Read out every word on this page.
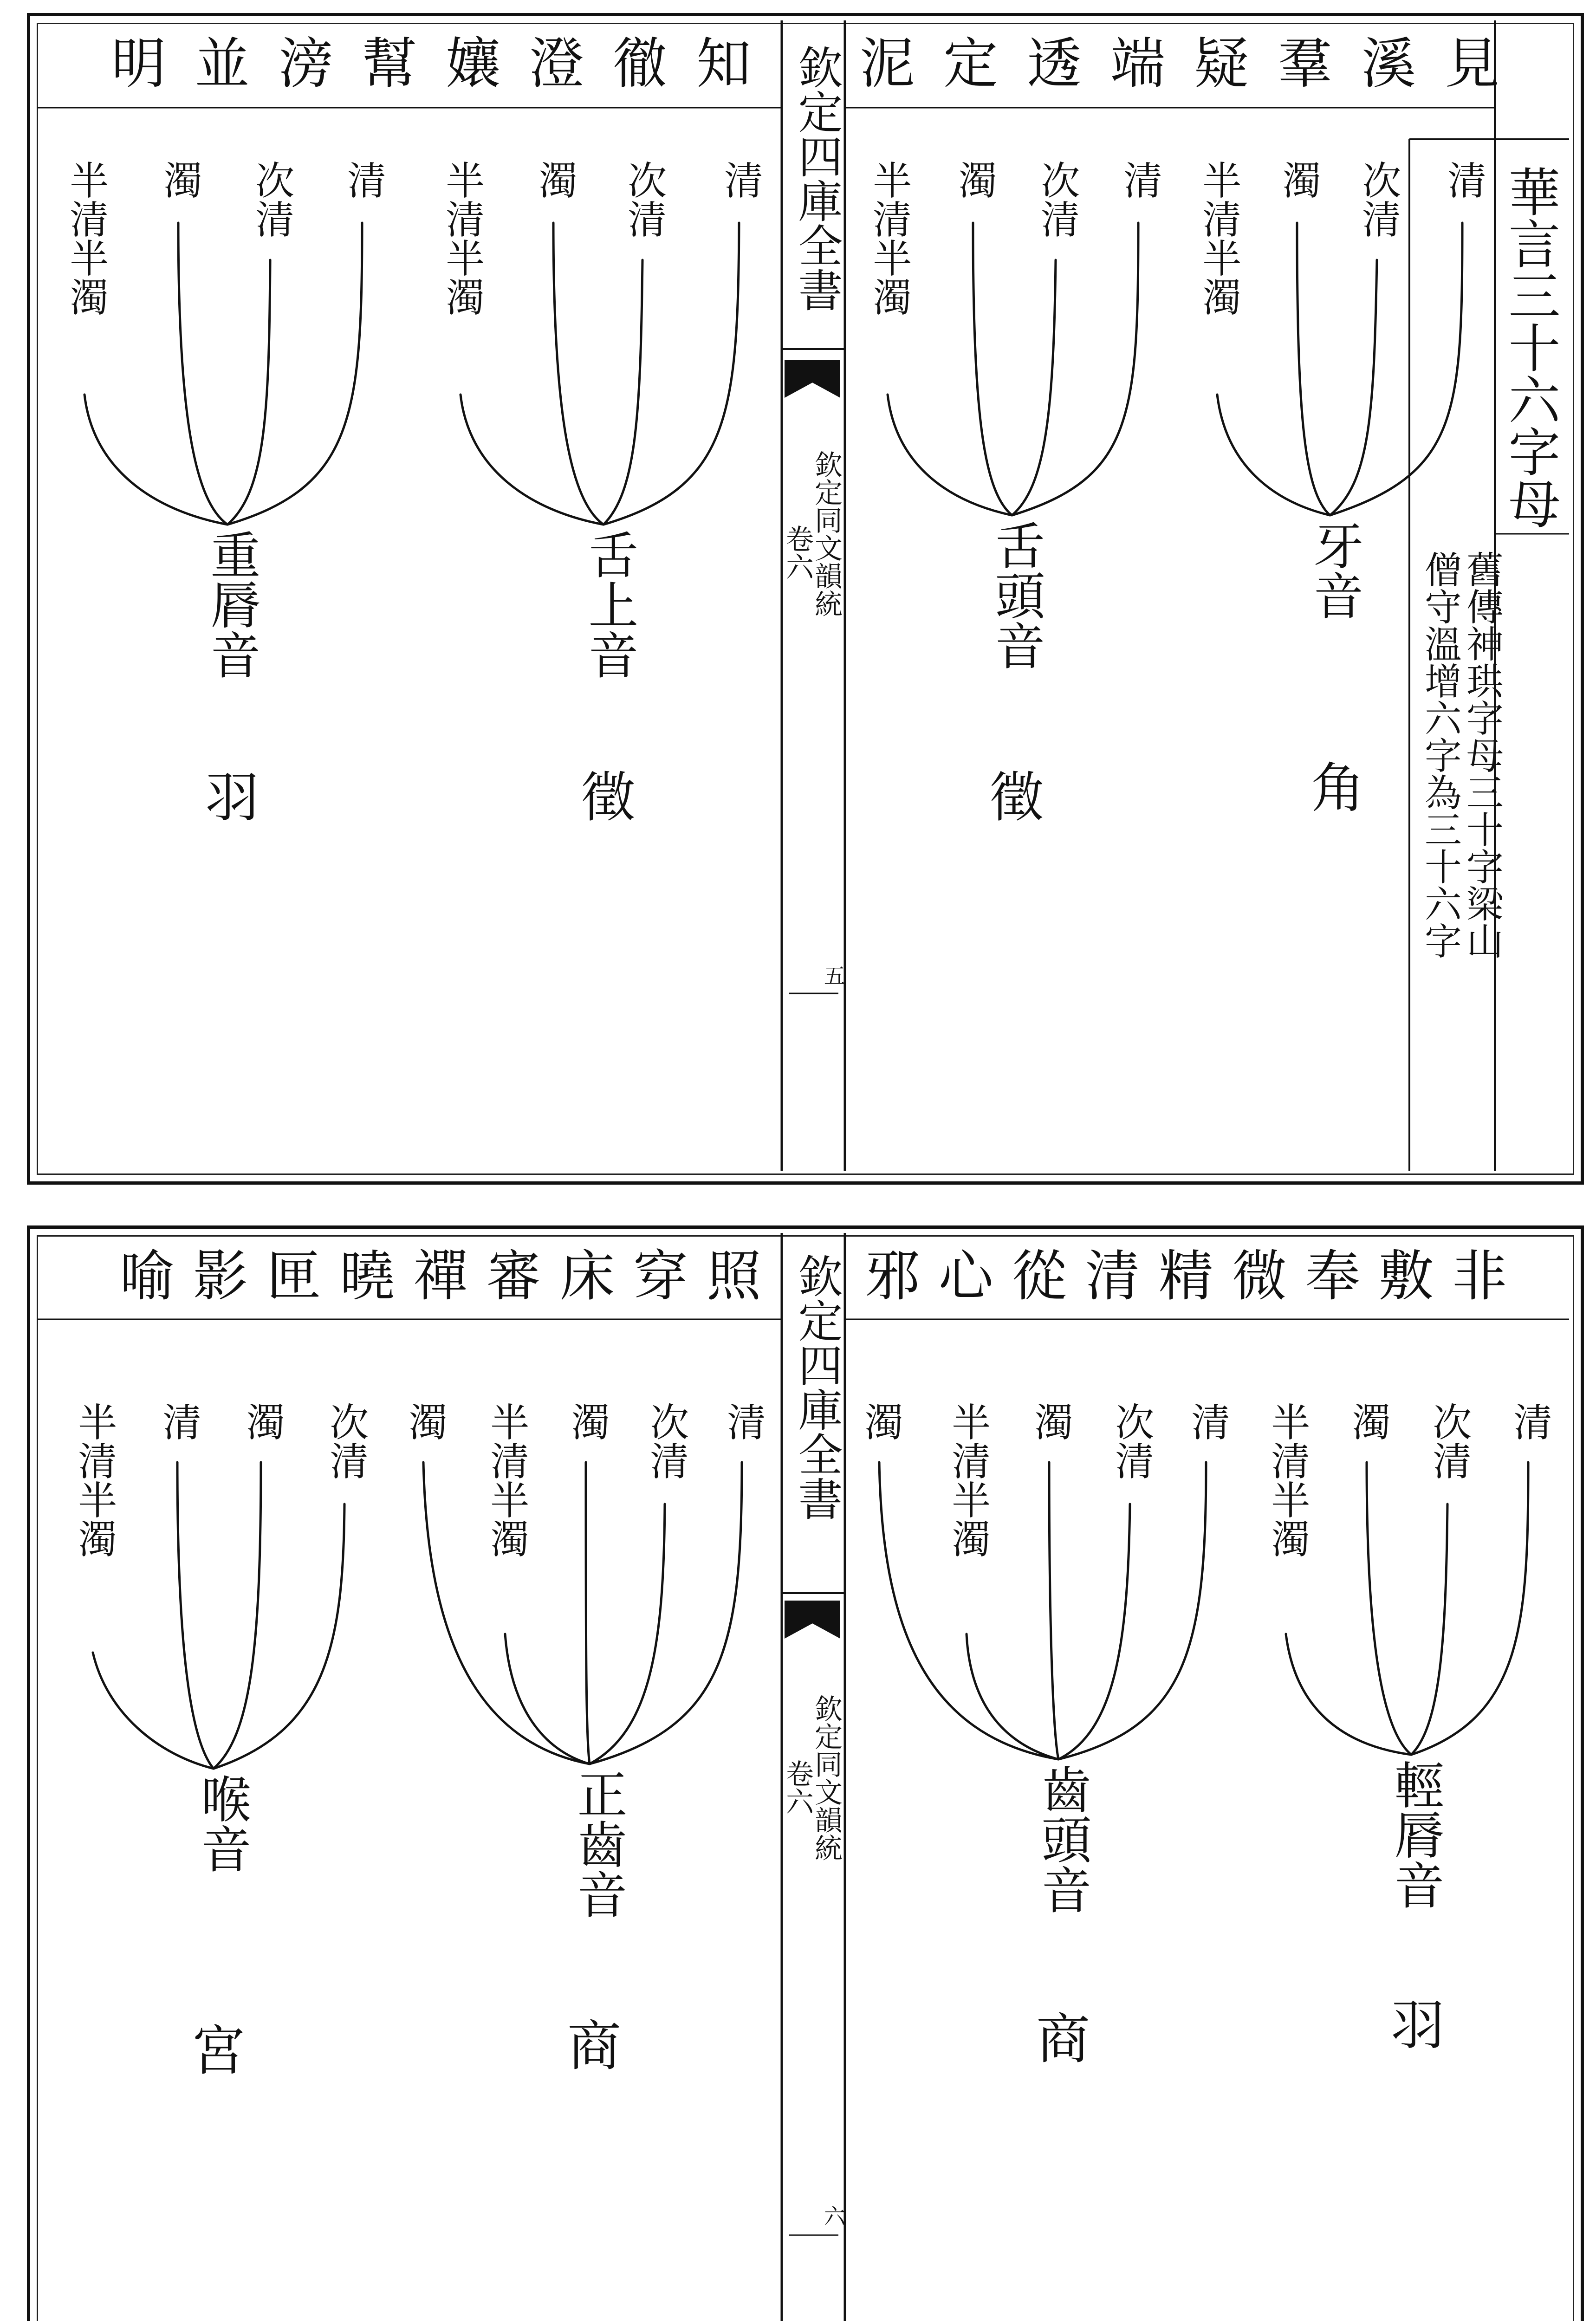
泥定透端疑羣溪見
明並滂幫孃澄徹知
華言三十六字母
舊傳神珙字母三十字梁山
僧守溫增六字為三十六字
欽定四庫全書
欽定同文韻統
卷六
五
清
次清
濁
半清半濁
牙音
角
清
次清
濁
半清半濁
舌頭音
徵
清
次清
濁
半清半濁
舌上音
徵
清
次清
濁
半清半濁
重脣音
羽
邪心從清精微奉敷非
喻影匣曉禪審床穿照 欽定四庫全書
欽定同文韻統
卷六
六
清
次清
濁
半清半濁
輕脣音
羽
清
次清
濁
半清半濁
濁
齒頭音
商
清
次清
濁
半清半濁
濁
正齒音
商
次清
濁
清
半清半濁
喉音
宮
